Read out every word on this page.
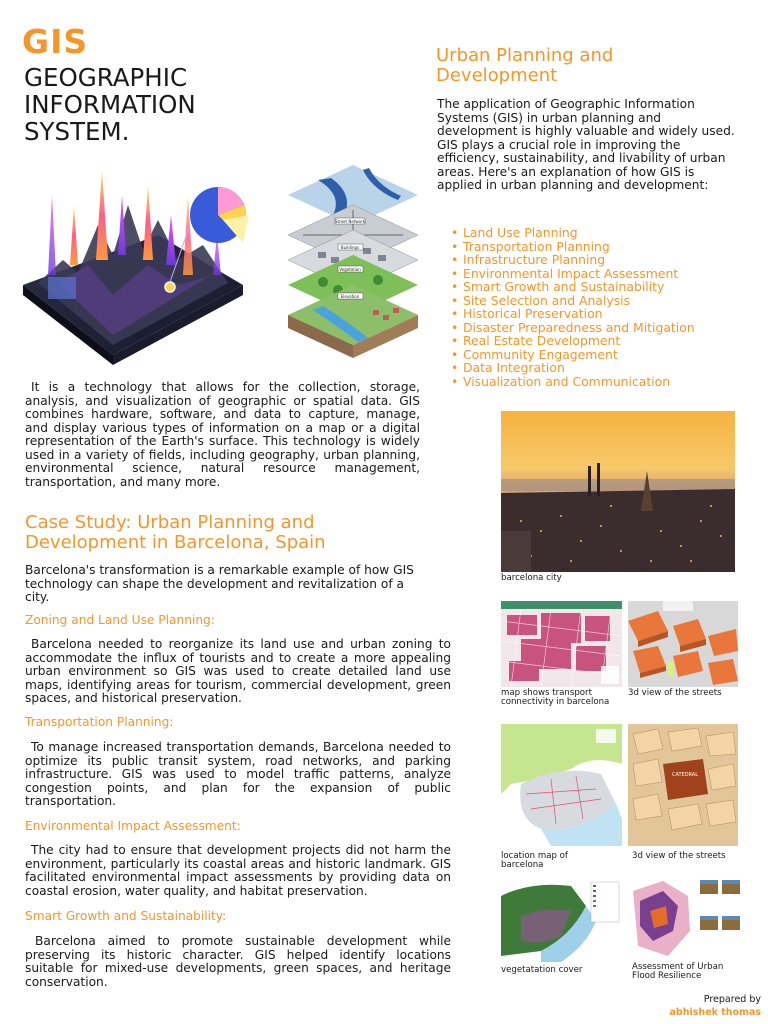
GIS
GEOGRAPHIC
INFORMATION
SYSTEM.
Street Network
Buildings
Vegetation
Elevation

It is a technology that allows for the collection, storage, analysis, and visualization of geographic or spatial data. GIS combines hardware, software, and data to capture, manage, and display various types of information on a map or a digital representation of the Earth's surface. This technology is widely used in a variety of fields, including geography, urban planning, environmental science, natural resource management, transportation, and many more.

Case Study: Urban Planning and Development in Barcelona, Spain

Barcelona's transformation is a remarkable example of how GIS technology can shape the development and revitalization of a city.

Zoning and Land Use Planning:

Barcelona needed to reorganize its land use and urban zoning to accommodate the influx of tourists and to create a more appealing urban environment so GIS was used to create detailed land use maps, identifying areas for tourism, commercial development, green spaces, and historical preservation.

Transportation Planning:

To manage increased transportation demands, Barcelona needed to optimize its public transit system, road networks, and parking infrastructure. GIS was used to model traffic patterns, analyze congestion points, and plan for the expansion of public transportation.

Environmental Impact Assessment:

The city had to ensure that development projects did not harm the environment, particularly its coastal areas and historic landmark. GIS facilitated environmental impact assessments by providing data on coastal erosion, water quality, and habitat preservation.

Smart Growth and Sustainability:

Barcelona aimed to promote sustainable development while preserving its historic character. GIS helped identify locations suitable for mixed-use developments, green spaces, and heritage conservation.

Urban Planning and Development

The application of Geographic Information Systems (GIS) in urban planning and development is highly valuable and widely used. GIS plays a crucial role in improving the efficiency, sustainability, and livability of urban areas. Here's an explanation of how GIS is applied in urban planning and development:

• Land Use Planning
• Transportation Planning
• Infrastructure Planning
• Environmental Impact Assessment
• Smart Growth and Sustainability
• Site Selection and Analysis
• Historical Preservation
• Disaster Preparedness and Mitigation
• Real Estate Development
• Community Engagement
• Data Integration
• Visualization and Communication
barcelona city
map shows transport connectivity in barcelona
3d view of the streets
location map of barcelona
CATEDRAL
3d view of the streets
vegetatation cover	Assessment of Urban Flood Resilience
Prepared by
abhishek thomas
